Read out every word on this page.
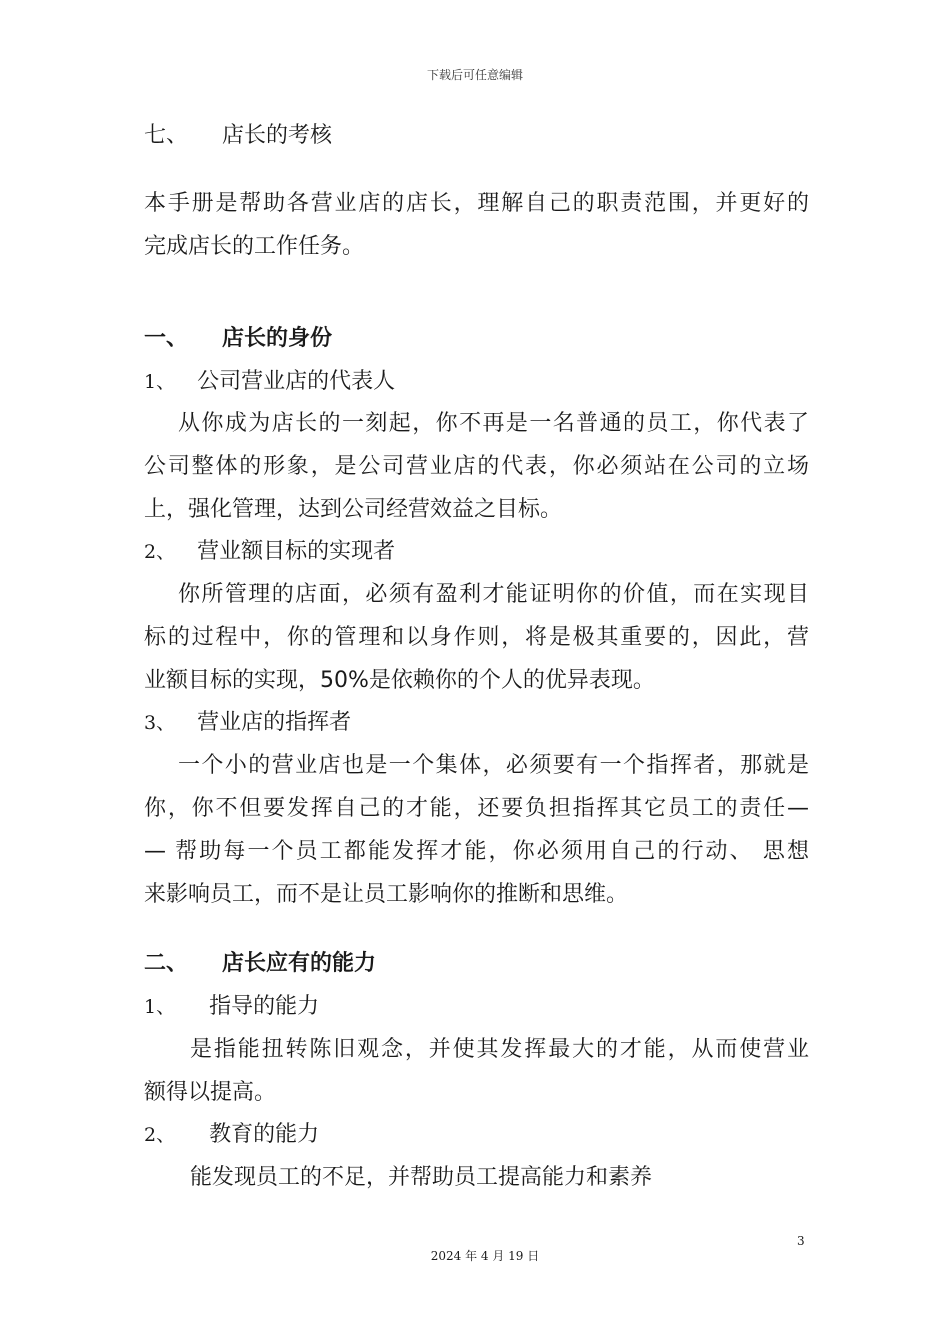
下载后可任意编辑
七、 店长的考核
本手册是帮助各营业店的店长，理解自己的职责范围，并更好的
完成店长的工作任务。
一、 店长的身份
1、 公司营业店的代表人
从你成为店长的一刻起，你不再是一名普通的员工，你代表了
公司整体的形象，是公司营业店的代表，你必须站在公司的立场
上，强化管理，达到公司经营效益之目标。
2、 营业额目标的实现者
你所管理的店面，必须有盈利才能证明你的价值，而在实现目
标的过程中，你的管理和以身作则，将是极其重要的，因此，营
业额目标的实现，50%是依赖你的个人的优异表现。
3、 营业店的指挥者
一个小的营业店也是一个集体，必须要有一个指挥者，那就是
你，你不但要发挥自己的才能，还要负担指挥其它员工的责任—
— 帮助每一个员工都能发挥才能，你必须用自己的行动、 思想
来影响员工，而不是让员工影响你的推断和思维。
二、 店长应有的能力
1、 指导的能力
是指能扭转陈旧观念，并使其发挥最大的才能，从而使营业
额得以提高。
2、 教育的能力
能发现员工的不足，并帮助员工提高能力和素养
3
2024 年 4 月 19 日
